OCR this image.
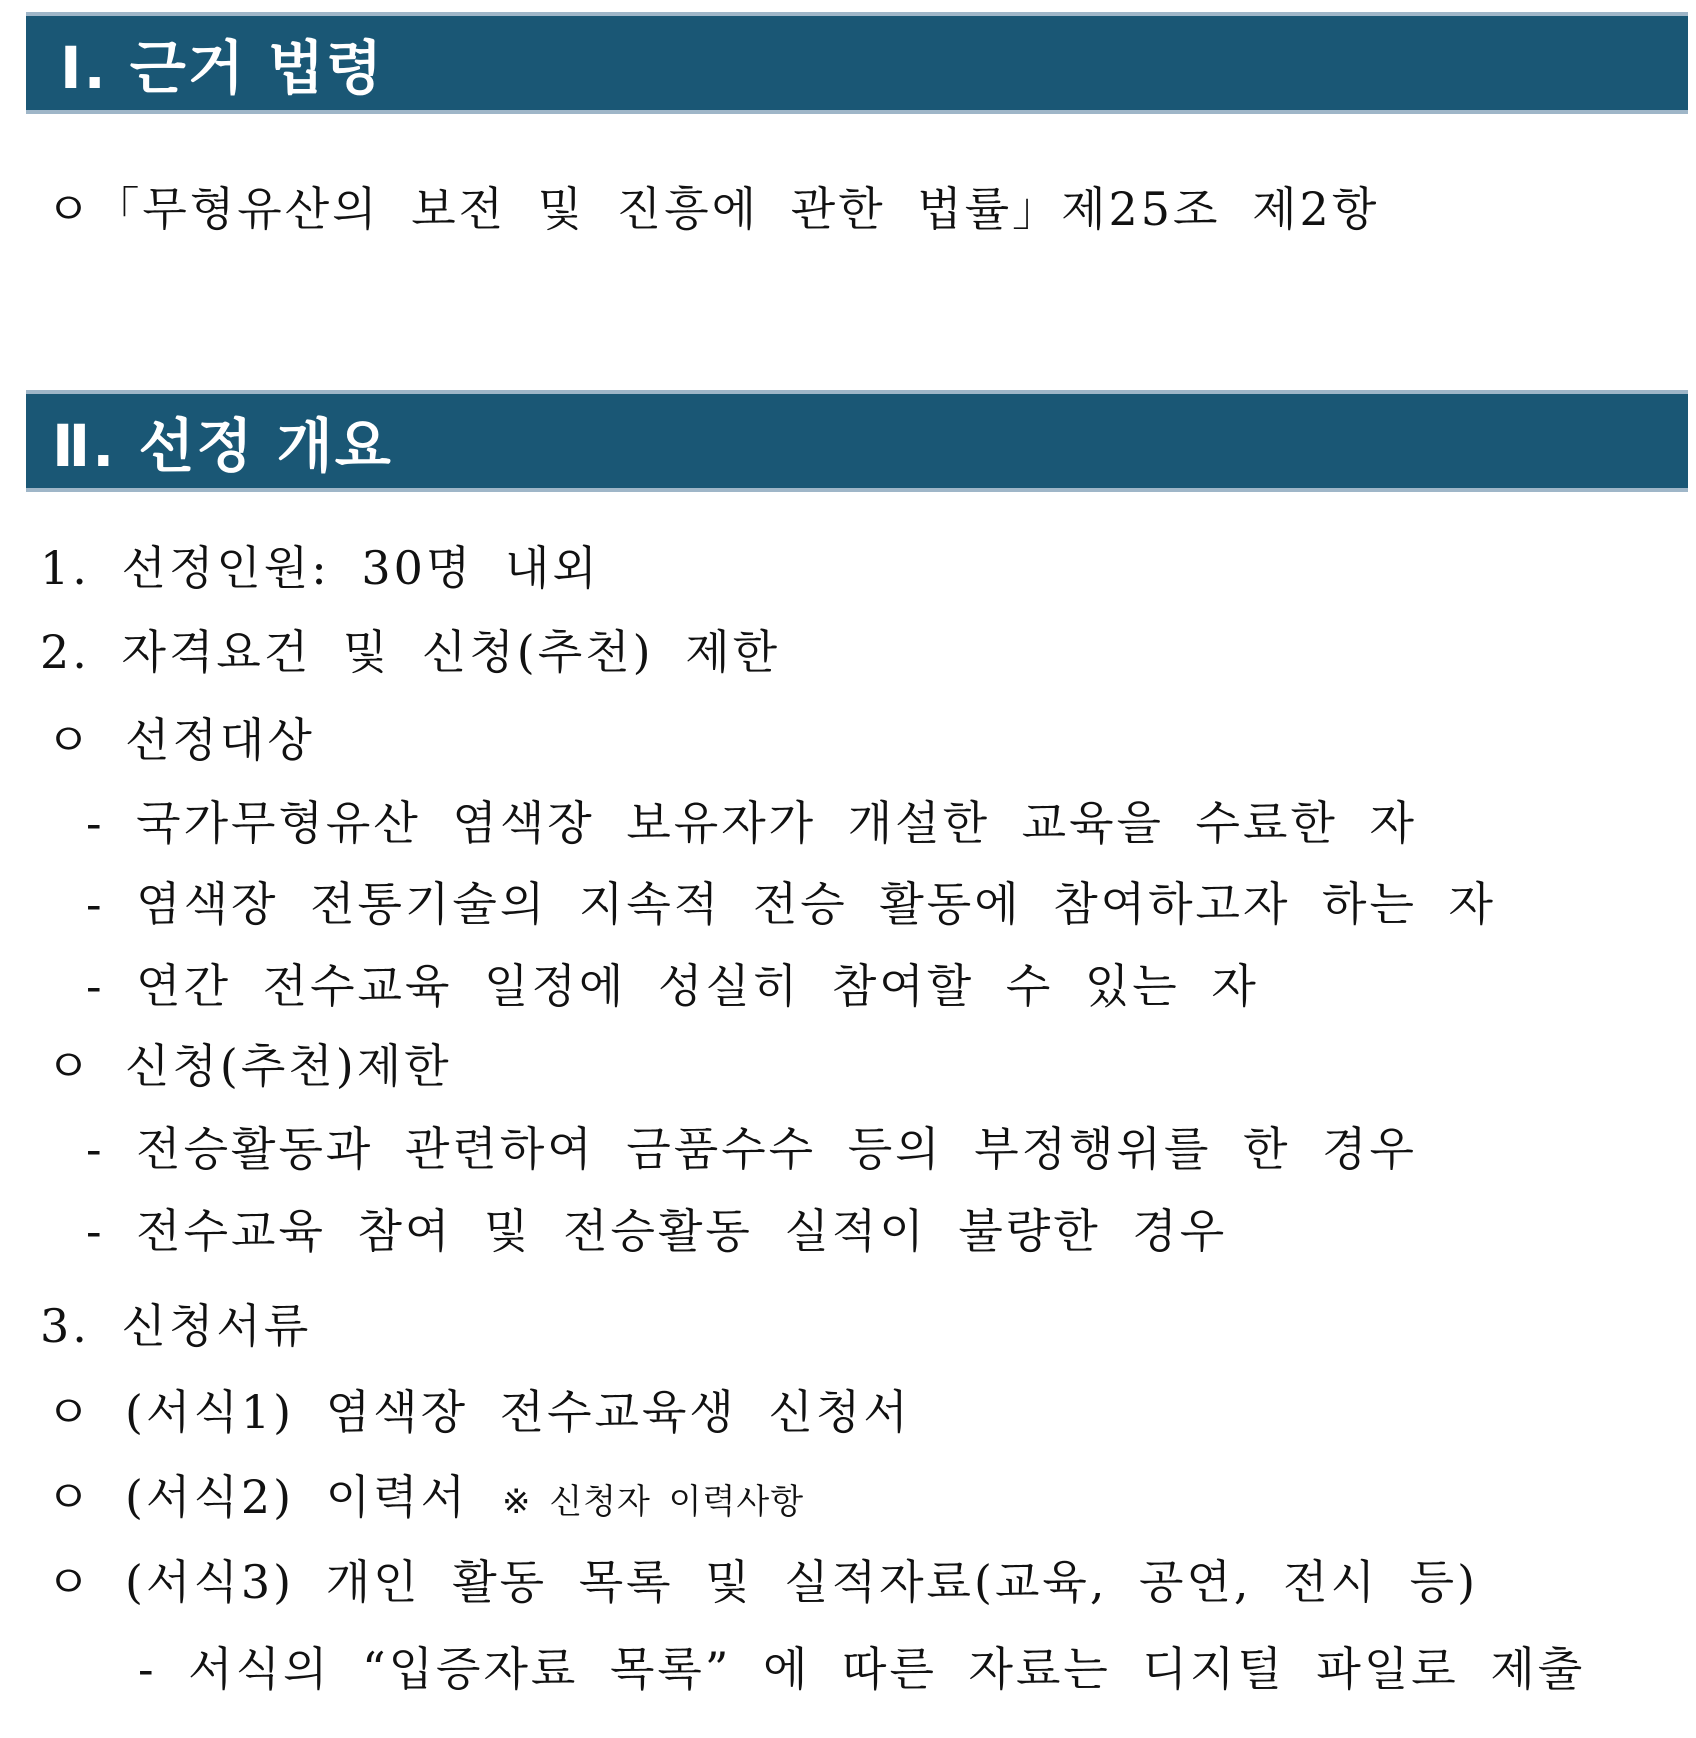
Ⅰ. 근거 법령
ㅇ「무형유산의 보전 및 진흥에 관한 법률」제25조 제2항
Ⅱ. 선정 개요
1. 선정인원: 30명 내외
2. 자격요건 및 신청(추천) 제한
ㅇ 선정대상
- 국가무형유산 염색장 보유자가 개설한 교육을 수료한 자
- 염색장 전통기술의 지속적 전승 활동에 참여하고자 하는 자
- 연간 전수교육 일정에 성실히 참여할 수 있는 자
ㅇ 신청(추천)제한
- 전승활동과 관련하여 금품수수 등의 부정행위를 한 경우
- 전수교육 참여 및 전승활동 실적이 불량한 경우
3. 신청서류
ㅇ (서식1) 염색장 전수교육생 신청서
ㅇ (서식2) 이력서 ※ 신청자 이력사항
ㅇ (서식3) 개인 활동 목록 및 실적자료(교육, 공연, 전시 등)
- 서식의 “입증자료 목록” 에 따른 자료는 디지털 파일로 제출
